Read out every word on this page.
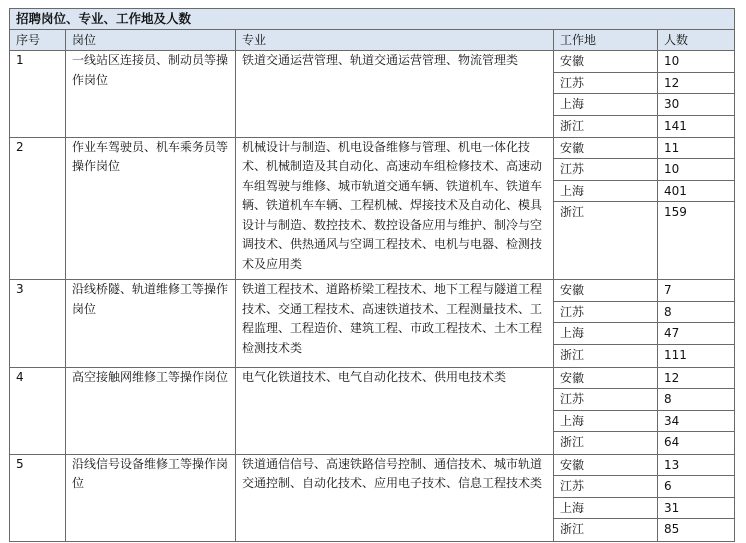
招聘岗位、专业、工作地及人数				
序号	岗位	专业	工作地	人数
1	一线站区连接员、制动员等操作岗位	铁道交通运营管理、轨道交通运营管理、物流管理类	安徽	10
			江苏	12
			上海	30
			浙江	141
2	作业车驾驶员、机车乘务员等操作岗位	机械设计与制造、机电设备维修与管理、机电一体化技术、机械制造及其自动化、高速动车组检修技术、高速动车组驾驶与维修、城市轨道交通车辆、铁道机车、铁道车辆、铁道机车车辆、工程机械、焊接技术及自动化、模具设计与制造、数控技术、数控设备应用与维护、制冷与空调技术、供热通风与空调工程技术、电机与电器、检测技术及应用类	安徽	11
			江苏	10
			上海	401
			浙江	159
3	沿线桥隧、轨道维修工等操作岗位	铁道工程技术、道路桥梁工程技术、地下工程与隧道工程技术、交通工程技术、高速铁道技术、工程测量技术、工程监理、工程造价、建筑工程、市政工程技术、土木工程检测技术类	安徽	7
			江苏	8
			上海	47
			浙江	111
4	高空接触网维修工等操作岗位	电气化铁道技术、电气自动化技术、供用电技术类	安徽	12
			江苏	8
			上海	34
			浙江	64
5	沿线信号设备维修工等操作岗位	铁道通信信号、高速铁路信号控制、通信技术、城市轨道交通控制、自动化技术、应用电子技术、信息工程技术类	安徽	13
			江苏	6
			上海	31
			浙江	85
